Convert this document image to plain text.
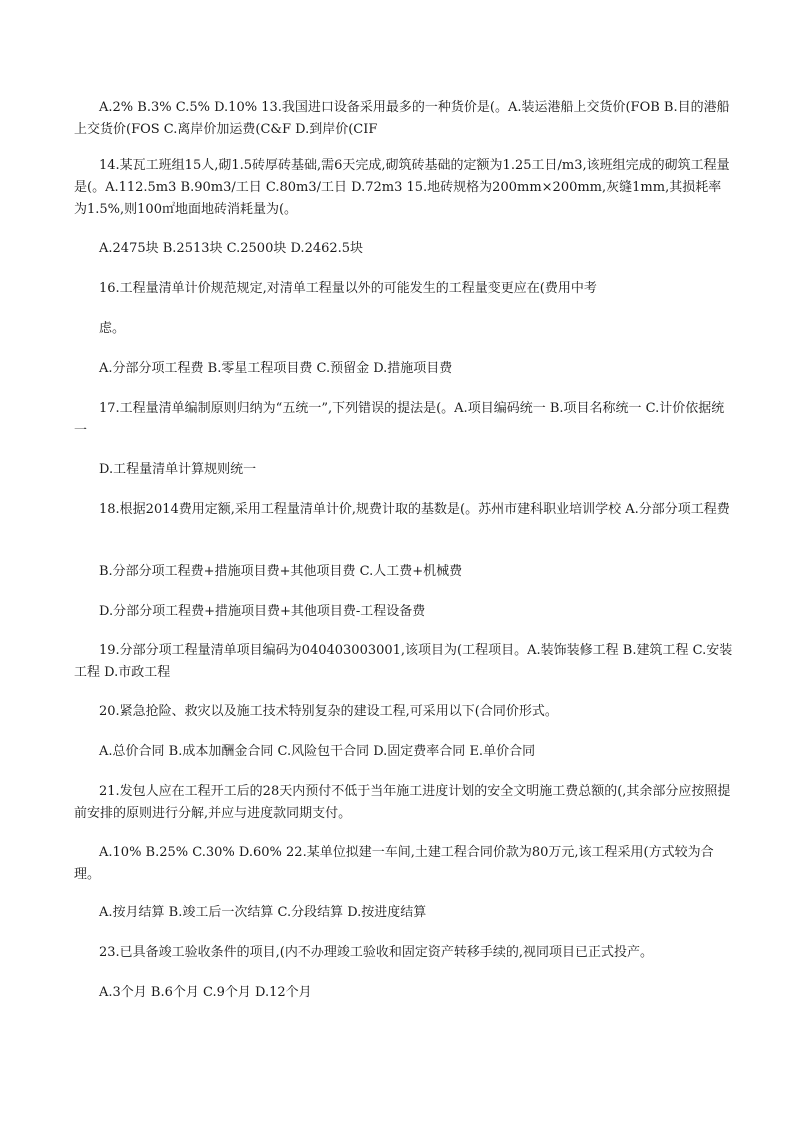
A.2% B.3% C.5% D.10% 13.我国进口设备采用最多的一种货价是(。A.装运港船上交货价(FOB B.目的港船上交货价(FOS C.离岸价加运费(C&F D.到岸价(CIF

14.某瓦工班组15人,砌1.5砖厚砖基础,需6天完成,砌筑砖基础的定额为1.25工日/m3,该班组完成的砌筑工程量是(。A.112.5m3 B.90m3/工日 C.80m3/工日 D.72m3 15.地砖规格为200mm×200mm,灰缝1mm,其损耗率为1.5%,则100㎡地面地砖消耗量为(。

A.2475块 B.2513块 C.2500块 D.2462.5块

16.工程量清单计价规范规定,对清单工程量以外的可能发生的工程量变更应在(费用中考

虑。

A.分部分项工程费 B.零星工程项目费 C.预留金 D.措施项目费

17.工程量清单编制原则归纳为“五统一”,下列错误的提法是(。A.项目编码统一 B.项目名称统一 C.计价依据统一

D.工程量清单计算规则统一

18.根据2014费用定额,采用工程量清单计价,规费计取的基数是(。苏州市建科职业培训学校 A.分部分项工程费

B.分部分项工程费+措施项目费+其他项目费 C.人工费+机械费

D.分部分项工程费+措施项目费+其他项目费-工程设备费

19.分部分项工程量清单项目编码为040403003001,该项目为(工程项目。A.装饰装修工程 B.建筑工程 C.安装工程 D.市政工程

20.紧急抢险、救灾以及施工技术特别复杂的建设工程,可采用以下(合同价形式。

A.总价合同 B.成本加酬金合同 C.风险包干合同 D.固定费率合同 E.单价合同

21.发包人应在工程开工后的28天内预付不低于当年施工进度计划的安全文明施工费总额的(,其余部分应按照提前安排的原则进行分解,并应与进度款同期支付。

A.10% B.25% C.30% D.60% 22.某单位拟建一车间,土建工程合同价款为80万元,该工程采用(方式较为合理。

A.按月结算 B.竣工后一次结算 C.分段结算 D.按进度结算

23.已具备竣工验收条件的项目,(内不办理竣工验收和固定资产转移手续的,视同项目已正式投产。

A.3个月 B.6个月 C.9个月 D.12个月
